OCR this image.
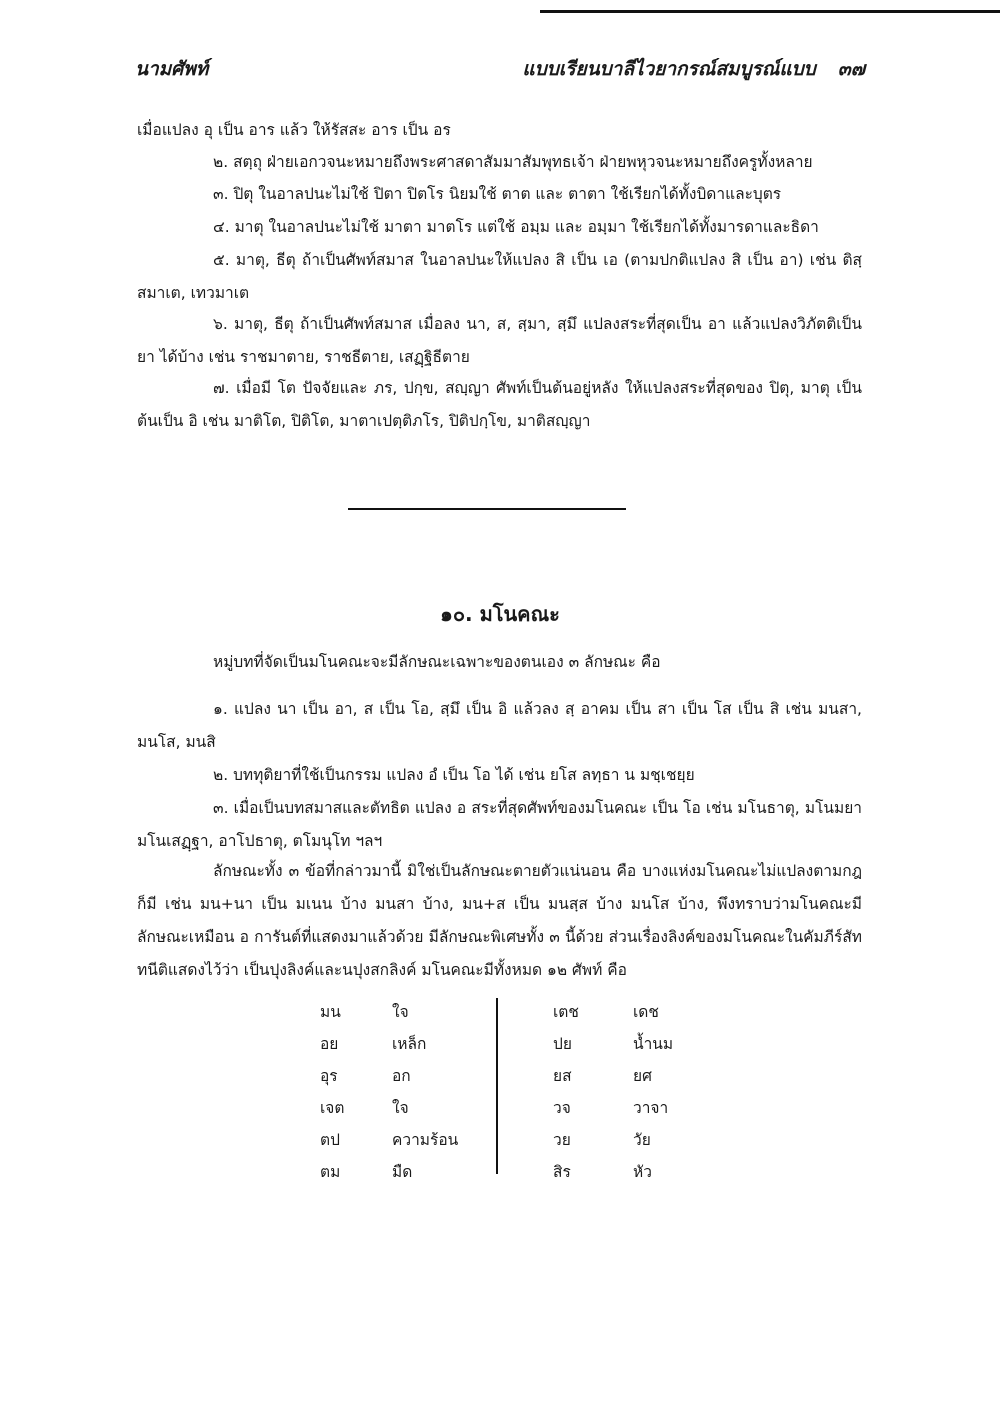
นามศัพท์	แบบเรียนบาลีไวยากรณ์สมบูรณ์แบบ ๓๗

เมื่อแปลง อุ เป็น อาร แล้ว ให้รัสสะ อาร เป็น อร

๒. สตฺถุ ฝ่ายเอกวจนะหมายถึงพระศาสดาสัมมาสัมพุทธเจ้า ฝ่ายพหุวจนะหมายถึงครูทั้งหลาย

๓. ปิตุ ในอาลปนะไม่ใช้ ปิตา ปิตโร นิยมใช้ ตาต และ ตาตา ใช้เรียกได้ทั้งบิดาและบุตร

๔. มาตุ ในอาลปนะไม่ใช้ มาตา มาตโร แต่ใช้ อมฺม และ อมฺมา ใช้เรียกได้ทั้งมารดาและธิดา

๕. มาตุ, ธีตุ ถ้าเป็นศัพท์สมาส ในอาลปนะให้แปลง สิ เป็น เอ (ตามปกติแปลง สิ เป็น อา) เช่น ติสฺสมาเต, เทวมาเต

๖. มาตุ, ธีตุ ถ้าเป็นศัพท์สมาส เมื่อลง นา, ส, สฺมา, สฺมึ แปลงสระที่สุดเป็น อา แล้วแปลงวิภัตติเป็น ยา ได้บ้าง เช่น ราชมาตาย, ราชธีตาย, เสฏฺฐิธีตาย

๗. เมื่อมี โต ปัจจัยและ ภร, ปกฺข, สญฺญา ศัพท์เป็นต้นอยู่หลัง ให้แปลงสระที่สุดของ ปิตุ, มาตุ เป็น ต้นเป็น อิ เช่น มาติโต, ปิติโต, มาตาเปตฺติภโร, ปิติปกฺโข, มาติสญฺญา

๑๐. มโนคณะ

หมู่บทที่จัดเป็นมโนคณะจะมีลักษณะเฉพาะของตนเอง ๓ ลักษณะ คือ

๑. แปลง นา เป็น อา, ส เป็น โอ, สฺมึ เป็น อิ แล้วลง สฺ อาคม เป็น สา เป็น โส เป็น สิ เช่น มนสา, มนโส, มนสิ

๒. บททุติยาที่ใช้เป็นกรรม แปลง อํ เป็น โอ ได้ เช่น ยโส ลทฺธา น มชฺเชยฺย

๓. เมื่อเป็นบทสมาสและตัทธิต แปลง อ สระที่สุดศัพท์ของมโนคณะ เป็น โอ เช่น มโนธาตุ, มโนมยา มโนเสฏฺฐา, อาโปธาตุ, ตโมนุโท ฯลฯ

ลักษณะทั้ง ๓ ข้อที่กล่าวมานี้ มิใช่เป็นลักษณะตายตัวแน่นอน คือ บางแห่งมโนคณะไม่แปลงตามกฎก็มี เช่น มน+นา เป็น มเนน บ้าง มนสา บ้าง, มน+ส เป็น มนสฺส บ้าง มนโส บ้าง, พึงทราบว่ามโนคณะมีลักษณะเหมือน อ การันต์ที่แสดงมาแล้วด้วย มีลักษณะพิเศษทั้ง ๓ นี้ด้วย ส่วนเรื่องลิงค์ของมโนคณะในคัมภีร์สัททนีติแสดงไว้ว่า เป็นปุงลิงค์และนปุงสกลิงค์ มโนคณะมีทั้งหมด ๑๒ ศัพท์ คือ

มน	ใจ	เตช	เดช
อย	เหล็ก	ปย	น้ำนม
อุร	อก	ยส	ยศ
เจต	ใจ	วจ	วาจา
ตป	ความร้อน	วย	วัย
ตม	มืด	สิร	หัว
